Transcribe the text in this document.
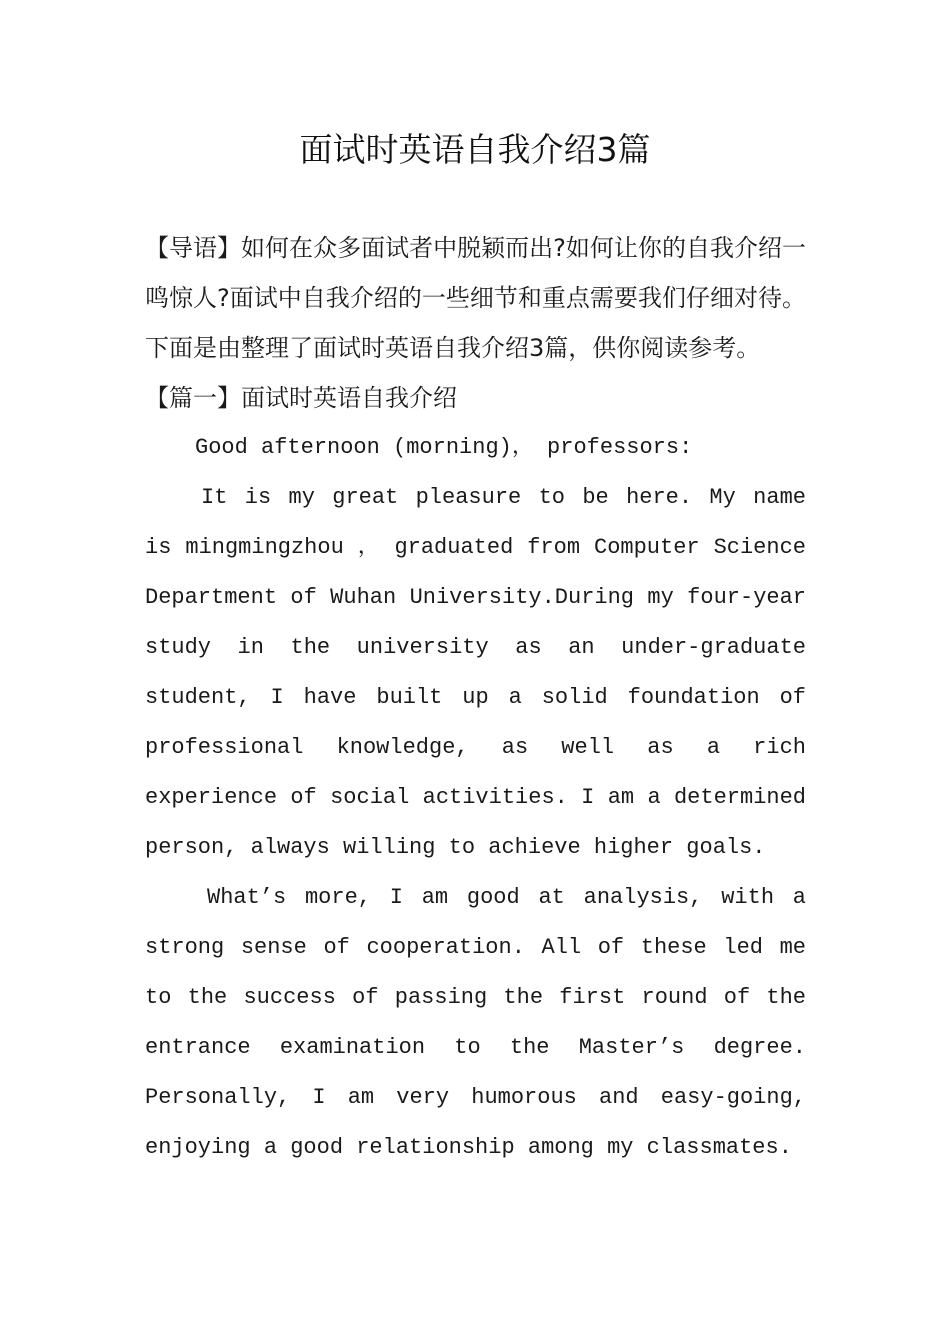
面试时英语自我介绍3篇

【导语】如何在众多面试者中脱颖而出?如何让你的自我介绍一鸣惊人?面试中自我介绍的一些细节和重点需要我们仔细对待。下面是由整理了面试时英语自我介绍3篇，供你阅读参考。

【篇一】面试时英语自我介绍

Good afternoon (morning)， professors:

It is my great pleasure to be here. My name is mingmingzhou ， graduated from Computer Science Department of Wuhan University.During my four-year study in the university as an under-graduate student, I have built up a solid foundation of professional knowledge, as well as a rich experience of social activities. I am a determined person, always willing to achieve higher goals.

What’s more, I am good at analysis, with a strong sense of cooperation. All of these led me to the success of passing the first round of the entrance examination to the Master’s degree. Personally, I am very humorous and easy-going, enjoying a good relationship among my classmates.
